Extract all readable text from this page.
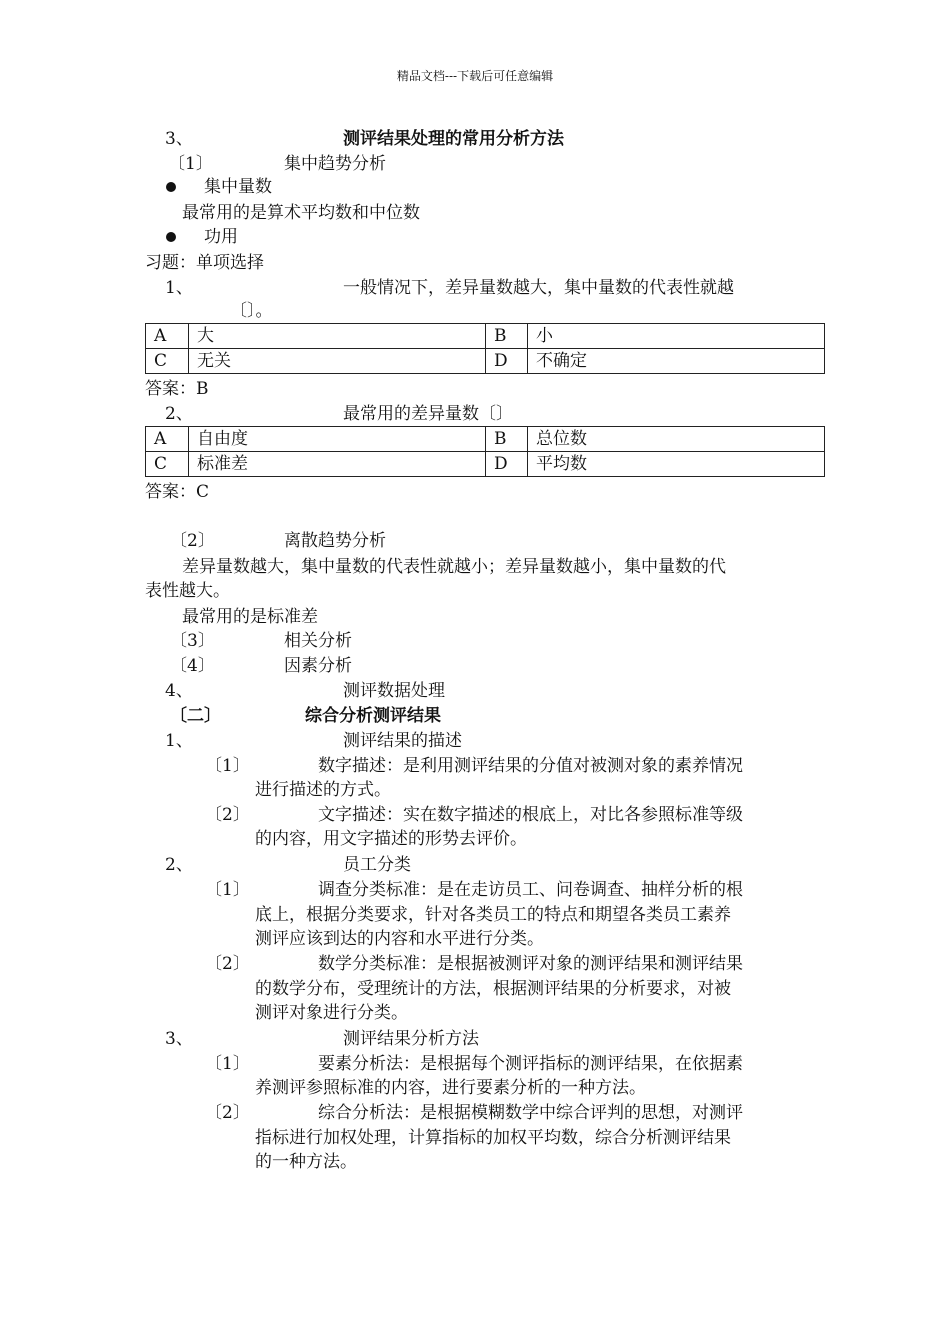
精品文档---下载后可任意编辑
3、	测评结果处理的常用分析方法
〔1〕	集中趋势分析
集中量数
最常用的是算术平均数和中位数
功用
习题：单项选择
1、	一般情况下，差异量数越大，集中量数的代表性就越
〔〕。
A	大	B	小
C	无关	D	不确定
答案：B
2、	最常用的差异量数〔〕
A	自由度	B	总位数
C	标准差	D	平均数
答案：C
〔2〕	离散趋势分析
差异量数越大，集中量数的代表性就越小；差异量数越小，集中量数的代
表性越大。
最常用的是标准差
〔3〕	相关分析
〔4〕	因素分析
4、	测评数据处理
〔二〕	综合分析测评结果
1、	测评结果的描述
〔1〕	数字描述：是利用测评结果的分值对被测对象的素养情况
进行描述的方式。
〔2〕	文字描述：实在数字描述的根底上，对比各参照标准等级
的内容，用文字描述的形势去评价。
2、	员工分类
〔1〕	调查分类标准：是在走访员工、问卷调查、抽样分析的根
底上，根据分类要求，针对各类员工的特点和期望各类员工素养
测评应该到达的内容和水平进行分类。
〔2〕	数学分类标准：是根据被测评对象的测评结果和测评结果
的数学分布，受理统计的方法，根据测评结果的分析要求，对被
测评对象进行分类。
3、	测评结果分析方法
〔1〕	要素分析法：是根据每个测评指标的测评结果，在依据素
养测评参照标准的内容，进行要素分析的一种方法。
〔2〕	综合分析法：是根据模糊数学中综合评判的思想，对测评
指标进行加权处理，计算指标的加权平均数，综合分析测评结果
的一种方法。
